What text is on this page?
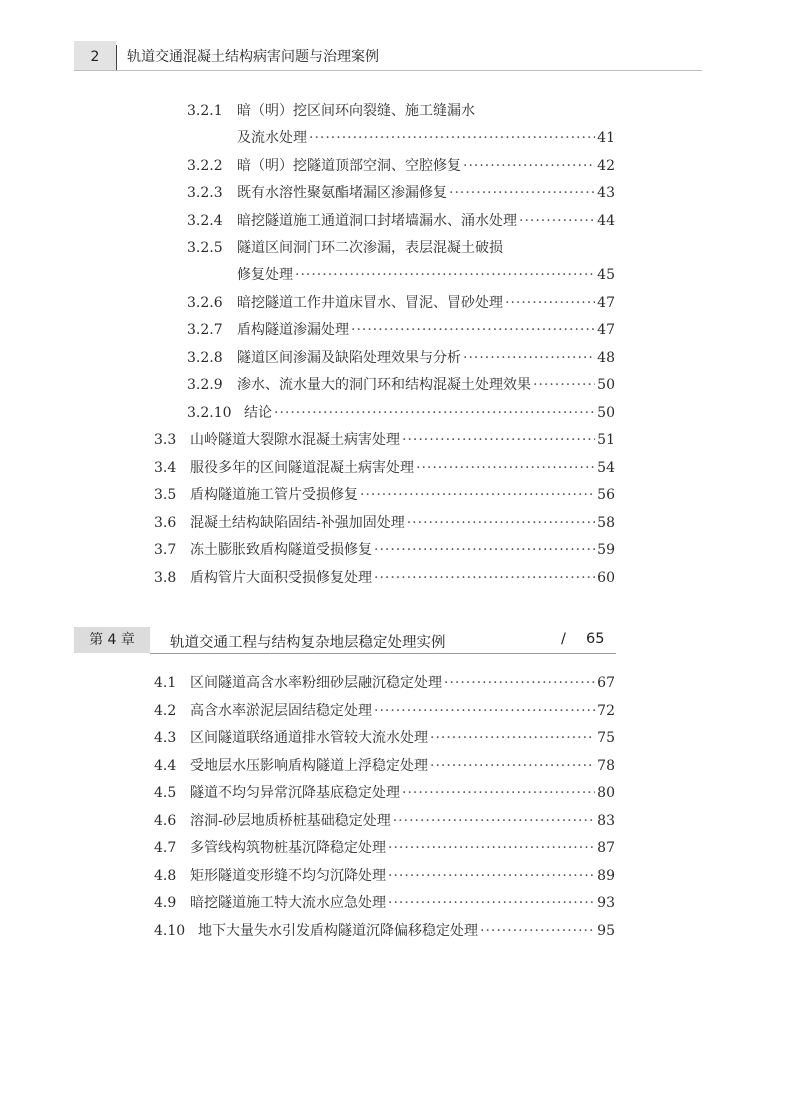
2	轨道交通混凝土结构病害问题与治理案例
3.2.1	暗（明）挖区间环向裂缝、施工缝漏水
及流水处理 ·····	41
3.2.2	暗（明）挖隧道顶部空洞、空腔修复 ·····	42
3.2.3	既有水溶性聚氨酯堵漏区渗漏修复 ·····	43
3.2.4	暗挖隧道施工通道洞口封堵墙漏水、涌水处理 ·····	44
3.2.5	隧道区间洞门环二次渗漏，表层混凝土破损
修复处理 ·····	45
3.2.6	暗挖隧道工作井道床冒水、冒泥、冒砂处理 ·····	47
3.2.7	盾构隧道渗漏处理 ·····	47
3.2.8	隧道区间渗漏及缺陷处理效果与分析 ·····	48
3.2.9	渗水、流水量大的洞门环和结构混凝土处理效果 ·····	50
3.2.10 结论 ·····	50
3.3 山岭隧道大裂隙水混凝土病害处理 ·····	51
3.4 服役多年的区间隧道混凝土病害处理 ·····	54
3.5 盾构隧道施工管片受损修复 ·····	56
3.6 混凝土结构缺陷固结-补强加固处理 ·····	58
3.7 冻土膨胀致盾构隧道受损修复 ·····	59
3.8 盾构管片大面积受损修复处理 ·····	60
4.1 区间隧道高含水率粉细砂层融沉稳定处理 ·····	67
4.2 高含水率淤泥层固结稳定处理 ·····	72
4.3 区间隧道联络通道排水管较大流水处理 ·····	75
4.4 受地层水压影响盾构隧道上浮稳定处理 ·····	78
4.5 隧道不均匀异常沉降基底稳定处理 ·····	80
4.6 溶洞-砂层地质桥桩基础稳定处理 ·····	83
4.7 多管线构筑物桩基沉降稳定处理 ·····	87
4.8 矩形隧道变形缝不均匀沉降处理 ·····	89
4.9 暗挖隧道施工特大流水应急处理 ·····	93
4.10 地下大量失水引发盾构隧道沉降偏移稳定处理 ·····	95
第 4 章	轨道交通工程与结构复杂地层稳定处理实例	/ 65
